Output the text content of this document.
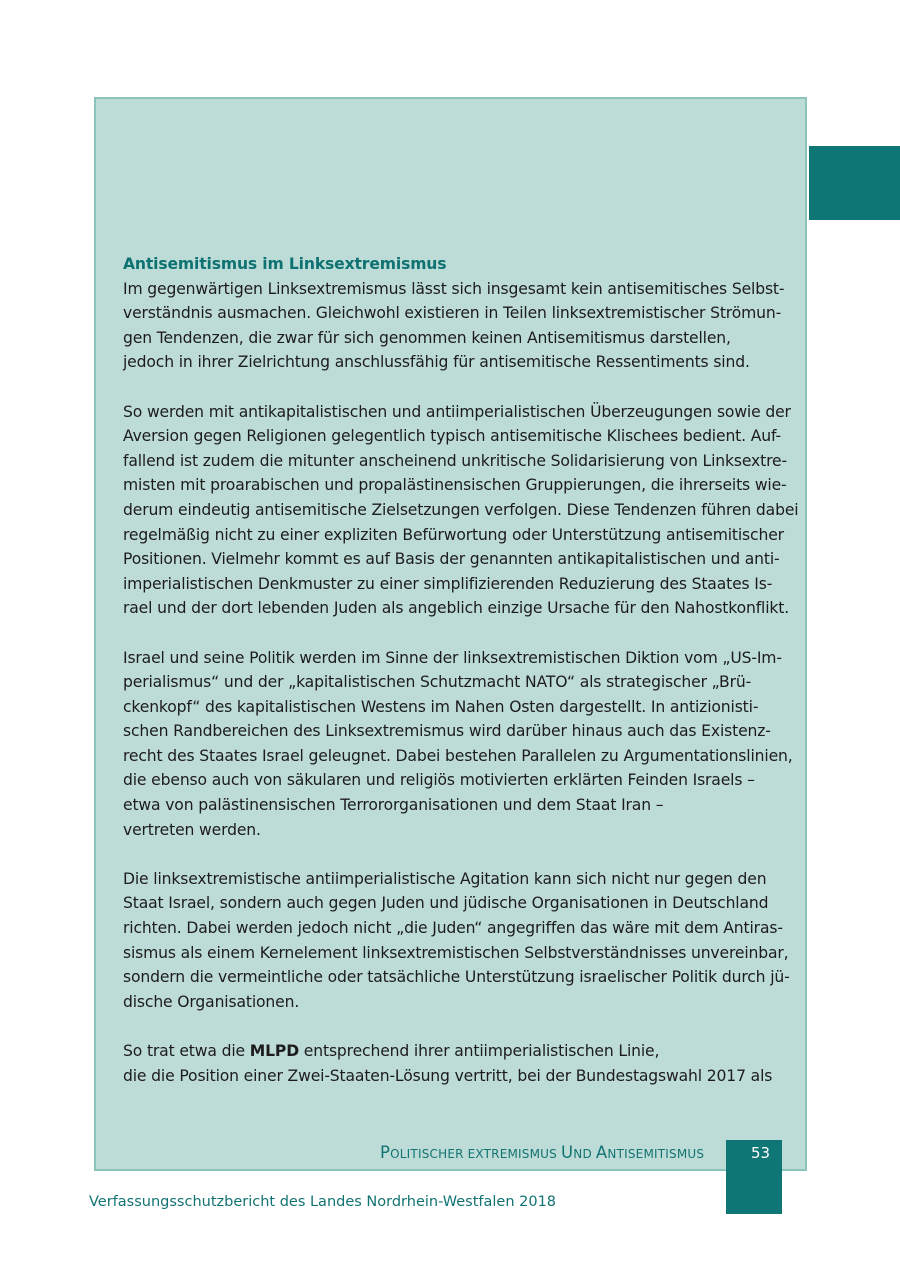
Antisemitismus im Linksextremismus
Im gegenwärtigen Linksextremismus lässt sich insgesamt kein antisemitisches Selbst-
verständnis ausmachen. Gleichwohl existieren in Teilen linksextremistischer Strömun-
gen Tendenzen, die zwar für sich genommen keinen Antisemitismus darstellen,
jedoch in ihrer Zielrichtung anschlussfähig für antisemitische Ressentiments sind.
So werden mit antikapitalistischen und antiimperialistischen Überzeugungen sowie der
Aversion gegen Religionen gelegentlich typisch antisemitische Klischees bedient. Auf-
fallend ist zudem die mitunter anscheinend unkritische Solidarisierung von Linksextre-
misten mit proarabischen und propalästinensischen Gruppierungen, die ihrerseits wie-
derum eindeutig antisemitische Zielsetzungen verfolgen. Diese Tendenzen führen dabei
regelmäßig nicht zu einer expliziten Befürwortung oder Unterstützung antisemitischer
Positionen. Vielmehr kommt es auf Basis der genannten antikapitalistischen und anti-
imperialistischen Denkmuster zu einer simplifizierenden Reduzierung des Staates Is-
rael und der dort lebenden Juden als angeblich einzige Ursache für den Nahostkonflikt.
Israel und seine Politik werden im Sinne der linksextremistischen Diktion vom „US-Im-
perialismus“ und der „kapitalistischen Schutzmacht NATO“ als strategischer „Brü-
ckenkopf“ des kapitalistischen Westens im Nahen Osten dargestellt. In antizionisti-
schen Randbereichen des Linksextremismus wird darüber hinaus auch das Existenz-
recht des Staates Israel geleugnet. Dabei bestehen Parallelen zu Argumentationslinien,
die ebenso auch von säkularen und religiös motivierten erklärten Feinden Israels –
etwa von palästinensischen Terrororganisationen und dem Staat Iran –
vertreten werden.
Die linksextremistische antiimperialistische Agitation kann sich nicht nur gegen den
Staat Israel, sondern auch gegen Juden und jüdische Organisationen in Deutschland
richten. Dabei werden jedoch nicht „die Juden“ angegriffen das wäre mit dem Antiras-
sismus als einem Kernelement linksextremistischen Selbstverständnisses unvereinbar,
sondern die vermeintliche oder tatsächliche Unterstützung israelischer Politik durch jü-
dische Organisationen.
So trat etwa die MLPD entsprechend ihrer antiimperialistischen Linie,
die die Position einer Zwei-Staaten-Lösung vertritt, bei der Bundestagswahl 2017 als
POLITISCHER EXTREMISMUS UND ANTISEMITISMUS	53
Verfassungsschutzbericht des Landes Nordrhein-Westfalen 2018
